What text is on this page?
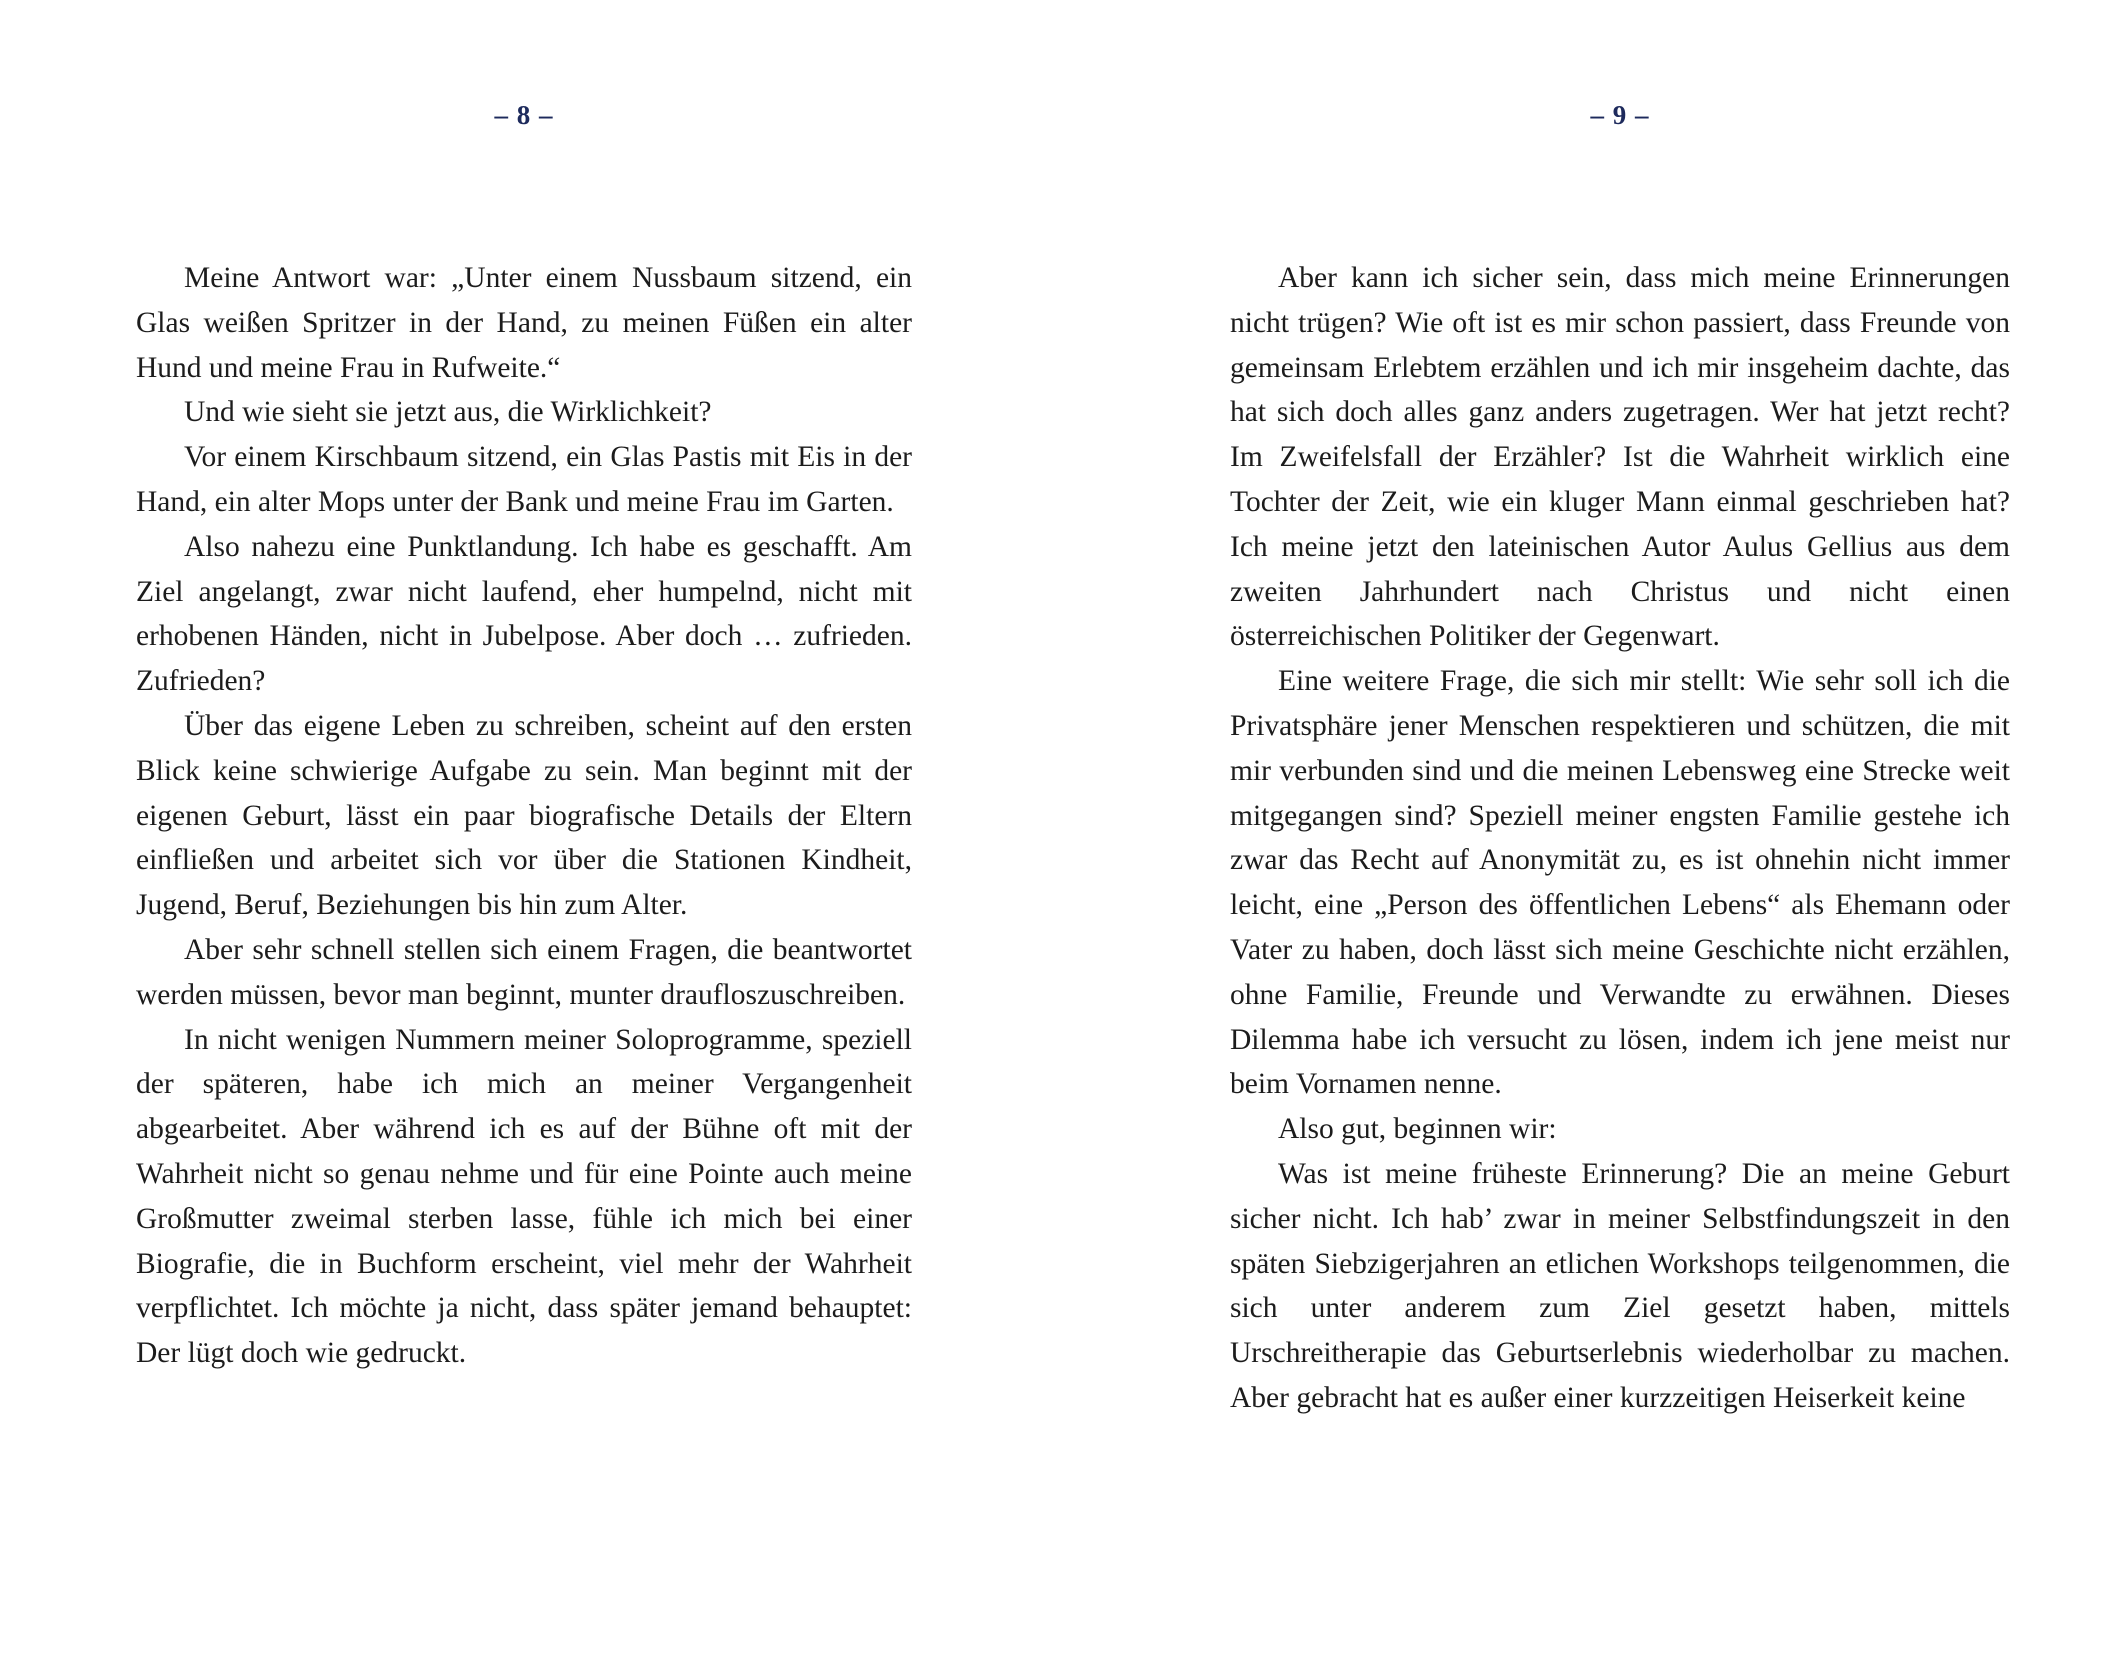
– 8 –

Meine Antwort war: „Unter einem Nussbaum sitzend, ein Glas weißen Spritzer in der Hand, zu meinen Füßen ein alter Hund und meine Frau in Rufweite.“

Und wie sieht sie jetzt aus, die Wirklichkeit?

Vor einem Kirschbaum sitzend, ein Glas Pastis mit Eis in der Hand, ein alter Mops unter der Bank und meine Frau im Garten.

Also nahezu eine Punktlandung. Ich habe es geschafft. Am Ziel angelangt, zwar nicht laufend, eher humpelnd, nicht mit erhobenen Händen, nicht in Jubelpose. Aber doch … zufrieden. Zufrieden?

Über das eigene Leben zu schreiben, scheint auf den ersten Blick keine schwierige Aufgabe zu sein. Man beginnt mit der eigenen Geburt, lässt ein paar biografische Details der Eltern einfließen und arbeitet sich vor über die Stationen Kindheit, Jugend, Beruf, Beziehungen bis hin zum Alter.

Aber sehr schnell stellen sich einem Fragen, die beantwortet werden müssen, bevor man beginnt, munter draufloszuschreiben.

In nicht wenigen Nummern meiner Soloprogramme, speziell der späteren, habe ich mich an meiner Vergangenheit abgearbeitet. Aber während ich es auf der Bühne oft mit der Wahrheit nicht so genau nehme und für eine Pointe auch meine Großmutter zweimal sterben lasse, fühle ich mich bei einer Biografie, die in Buchform erscheint, viel mehr der Wahrheit verpflichtet. Ich möchte ja nicht, dass später jemand behauptet: Der lügt doch wie gedruckt.

– 9 –

Aber kann ich sicher sein, dass mich meine Erinnerungen nicht trügen? Wie oft ist es mir schon passiert, dass Freunde von gemeinsam Erlebtem erzählen und ich mir insgeheim dachte, das hat sich doch alles ganz anders zugetragen. Wer hat jetzt recht? Im Zweifelsfall der Erzähler? Ist die Wahrheit wirklich eine Tochter der Zeit, wie ein kluger Mann einmal geschrieben hat? Ich meine jetzt den lateinischen Autor Aulus Gellius aus dem zweiten Jahrhundert nach Christus und nicht einen österreichischen Politiker der Gegenwart.

Eine weitere Frage, die sich mir stellt: Wie sehr soll ich die Privatsphäre jener Menschen respektieren und schützen, die mit mir verbunden sind und die meinen Lebensweg eine Strecke weit mitgegangen sind? Speziell meiner engsten Familie gestehe ich zwar das Recht auf Anonymität zu, es ist ohnehin nicht immer leicht, eine „Person des öffentlichen Lebens“ als Ehemann oder Vater zu haben, doch lässt sich meine Geschichte nicht erzählen, ohne Familie, Freunde und Verwandte zu erwähnen. Dieses Dilemma habe ich versucht zu lösen, indem ich jene meist nur beim Vornamen nenne.

Also gut, beginnen wir:

Was ist meine früheste Erinnerung? Die an meine Geburt sicher nicht. Ich hab’ zwar in meiner Selbstfindungszeit in den späten Siebzigerjahren an etlichen Workshops teilgenommen, die sich unter anderem zum Ziel gesetzt haben, mittels Urschreitherapie das Geburtserlebnis wiederholbar zu machen. Aber gebracht hat es außer einer kurzzeitigen Heiserkeit keine
